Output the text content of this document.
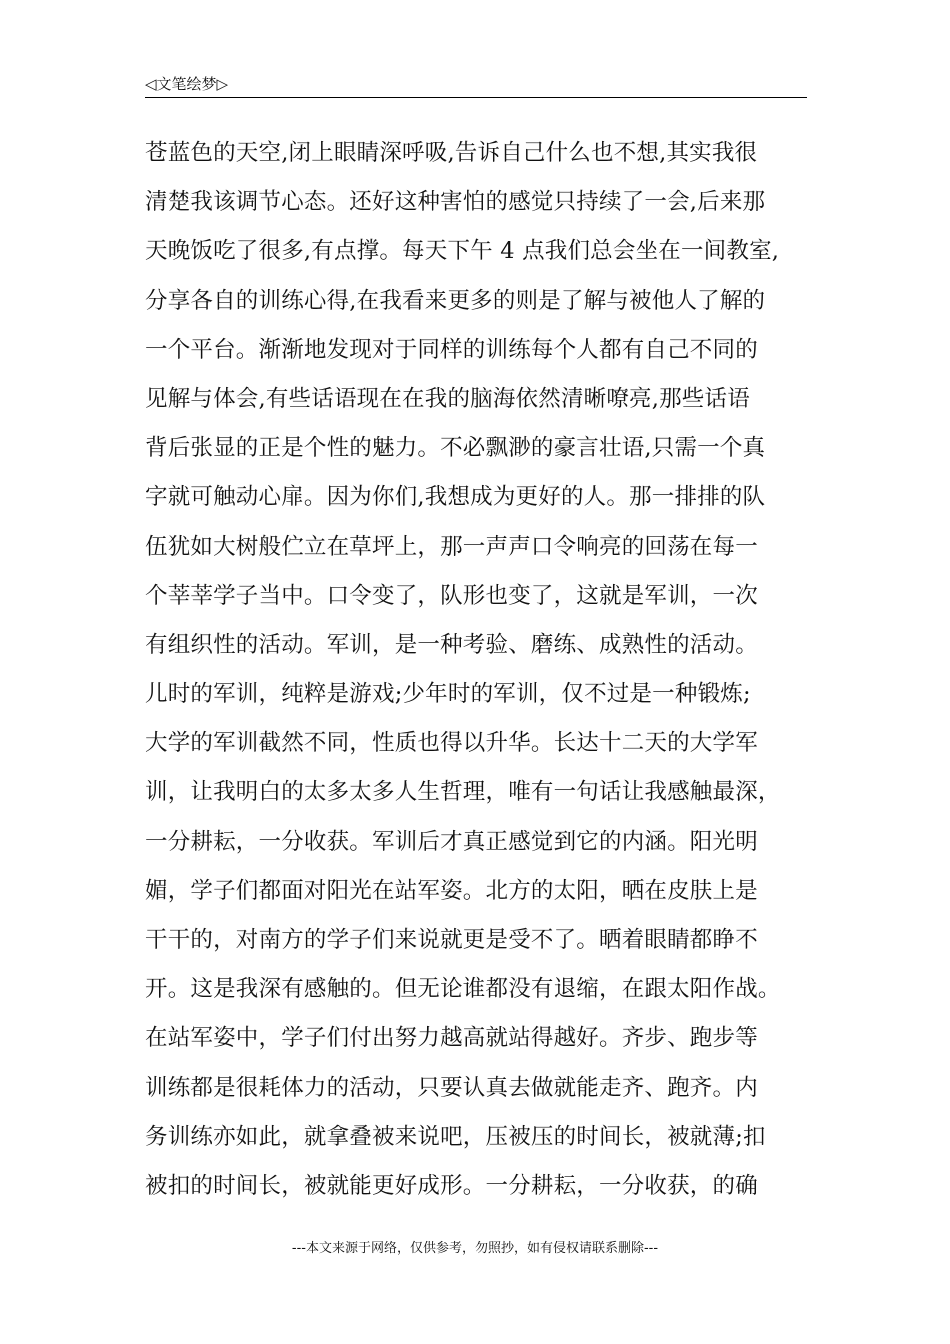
◁文笔绘梦▷
苍蓝色的天空,闭上眼睛深呼吸,告诉自己什么也不想,其实我很
清楚我该调节心态。还好这种害怕的感觉只持续了一会,后来那
天晚饭吃了很多,有点撑。每天下午 4 点我们总会坐在一间教室,
分享各自的训练心得,在我看来更多的则是了解与被他人了解的
一个平台。渐渐地发现对于同样的训练每个人都有自己不同的
见解与体会,有些话语现在在我的脑海依然清晰嘹亮,那些话语
背后张显的正是个性的魅力。不必飘渺的豪言壮语,只需一个真
字就可触动心扉。因为你们,我想成为更好的人。那一排排的队
伍犹如大树般伫立在草坪上，那一声声口令响亮的回荡在每一
个莘莘学子当中。口令变了，队形也变了，这就是军训，一次
有组织性的活动。军训，是一种考验、磨练、成熟性的活动。
儿时的军训，纯粹是游戏;少年时的军训，仅不过是一种锻炼;
大学的军训截然不同，性质也得以升华。长达十二天的大学军
训，让我明白的太多太多人生哲理，唯有一句话让我感触最深，
一分耕耘，一分收获。军训后才真正感觉到它的内涵。阳光明
媚，学子们都面对阳光在站军姿。北方的太阳，晒在皮肤上是
干干的，对南方的学子们来说就更是受不了。晒着眼睛都睁不
开。这是我深有感触的。但无论谁都没有退缩，在跟太阳作战。
在站军姿中，学子们付出努力越高就站得越好。齐步、跑步等
训练都是很耗体力的活动，只要认真去做就能走齐、跑齐。内
务训练亦如此，就拿叠被来说吧，压被压的时间长，被就薄;扣
被扣的时间长，被就能更好成形。一分耕耘，一分收获，的确
---本文来源于网络，仅供参考，勿照抄，如有侵权请联系删除---
